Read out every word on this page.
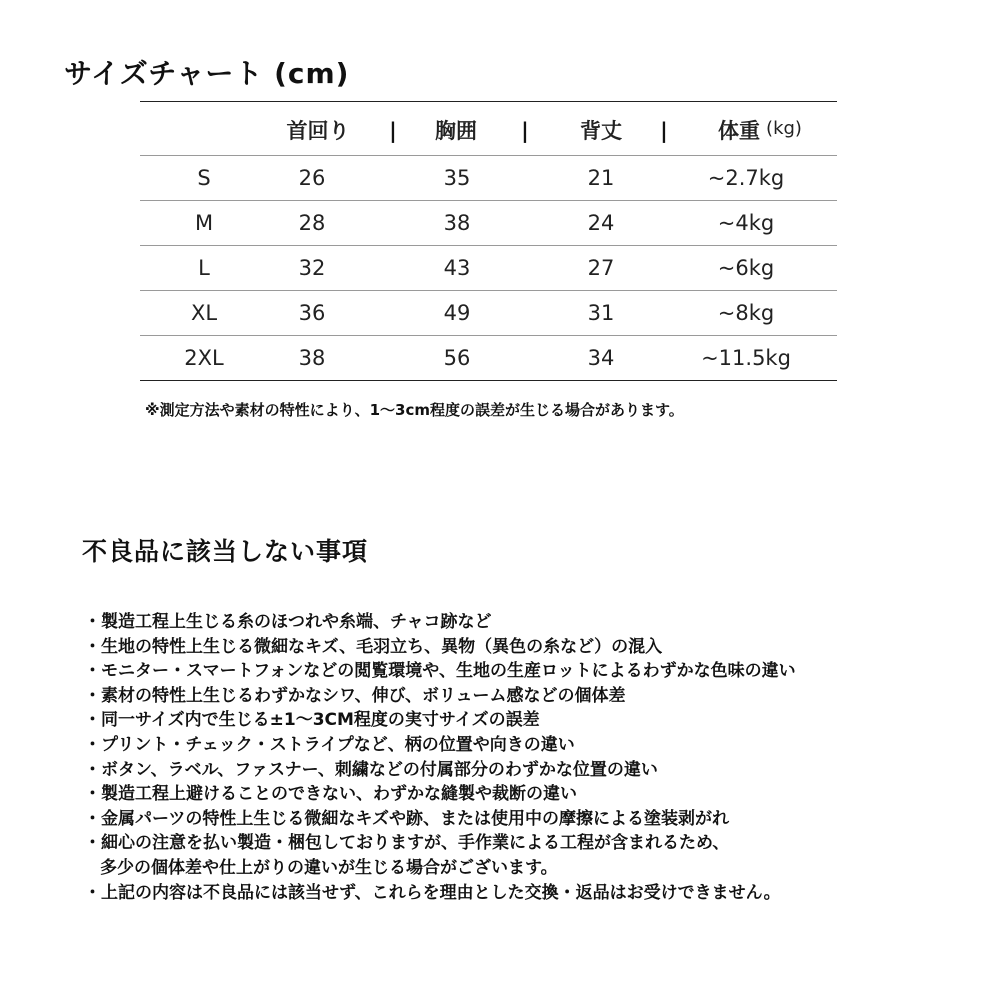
サイズチャート (cm)
首回り | 胸囲 | 背丈 | 体重 (kg)
S	26	35	21	~2.7kg
M	28	38	24	~4kg
L	32	43	27	~6kg
XL	36	49	31	~8kg
2XL	38	56	34	~11.5kg

※測定方法や素材の特性により、1～3cm程度の誤差が生じる場合があります。

不良品に該当しない事項
・製造工程上生じる糸のほつれや糸端、チャコ跡など
・生地の特性上生じる微細なキズ、毛羽立ち、異物（異色の糸など）の混入
・モニター・スマートフォンなどの閲覧環境や、生地の生産ロットによるわずかな色味の違い
・素材の特性上生じるわずかなシワ、伸び、ボリューム感などの個体差
・同一サイズ内で生じる±1～3CM程度の実寸サイズの誤差
・プリント・チェック・ストライプなど、柄の位置や向きの違い
・ボタン、ラベル、ファスナー、刺繍などの付属部分のわずかな位置の違い
・製造工程上避けることのできない、わずかな縫製や裁断の違い
・金属パーツの特性上生じる微細なキズや跡、または使用中の摩擦による塗装剥がれ
・細心の注意を払い製造・梱包しておりますが、手作業による工程が含まれるため、
多少の個体差や仕上がりの違いが生じる場合がございます。
・上記の内容は不良品には該当せず、これらを理由とした交換・返品はお受けできません。
